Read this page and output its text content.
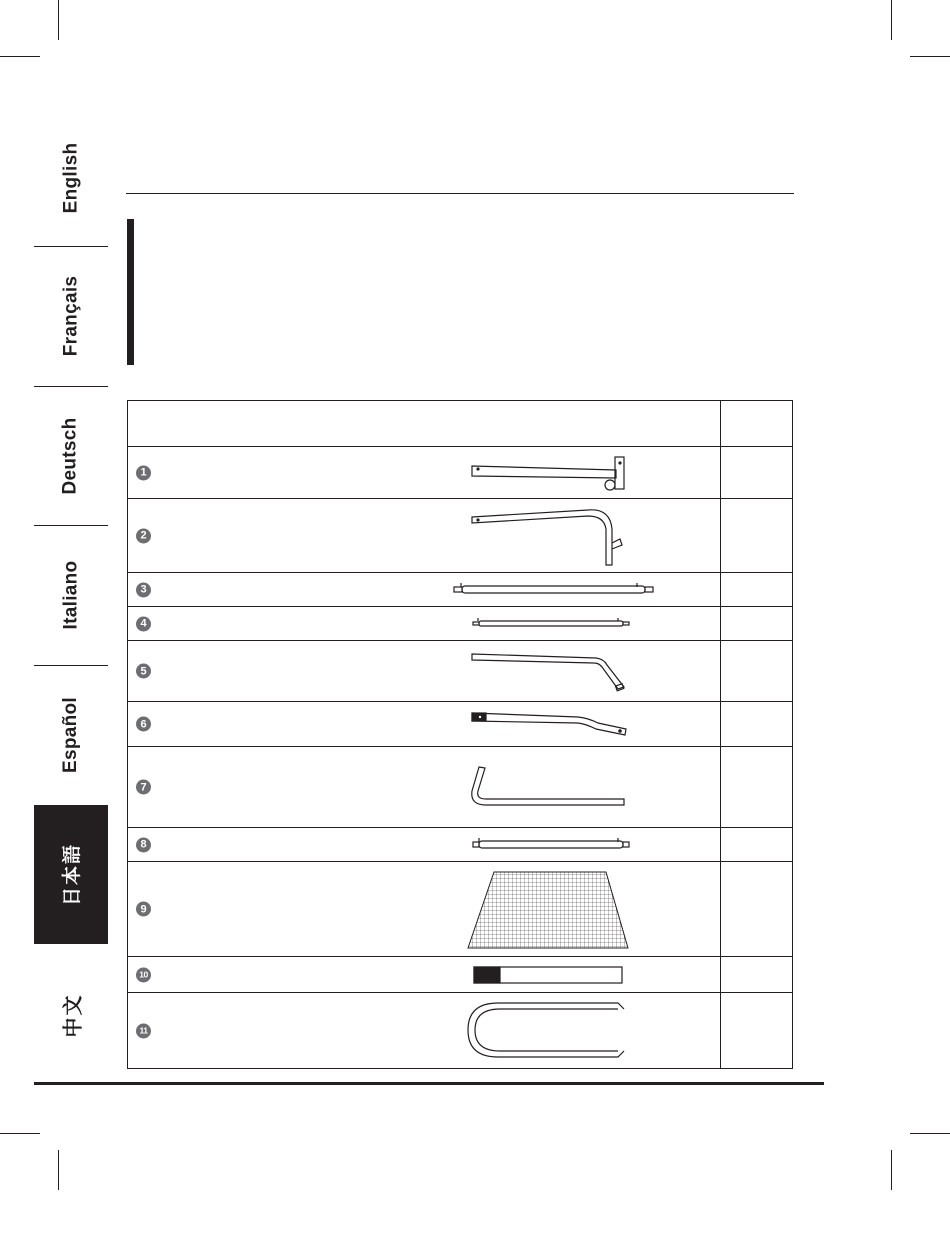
English
Français
Deutsch
Italiano
Español
日本語
中文

1	

2	

3	

4	

5	

6	

7	

8	

9	

10	

11	
